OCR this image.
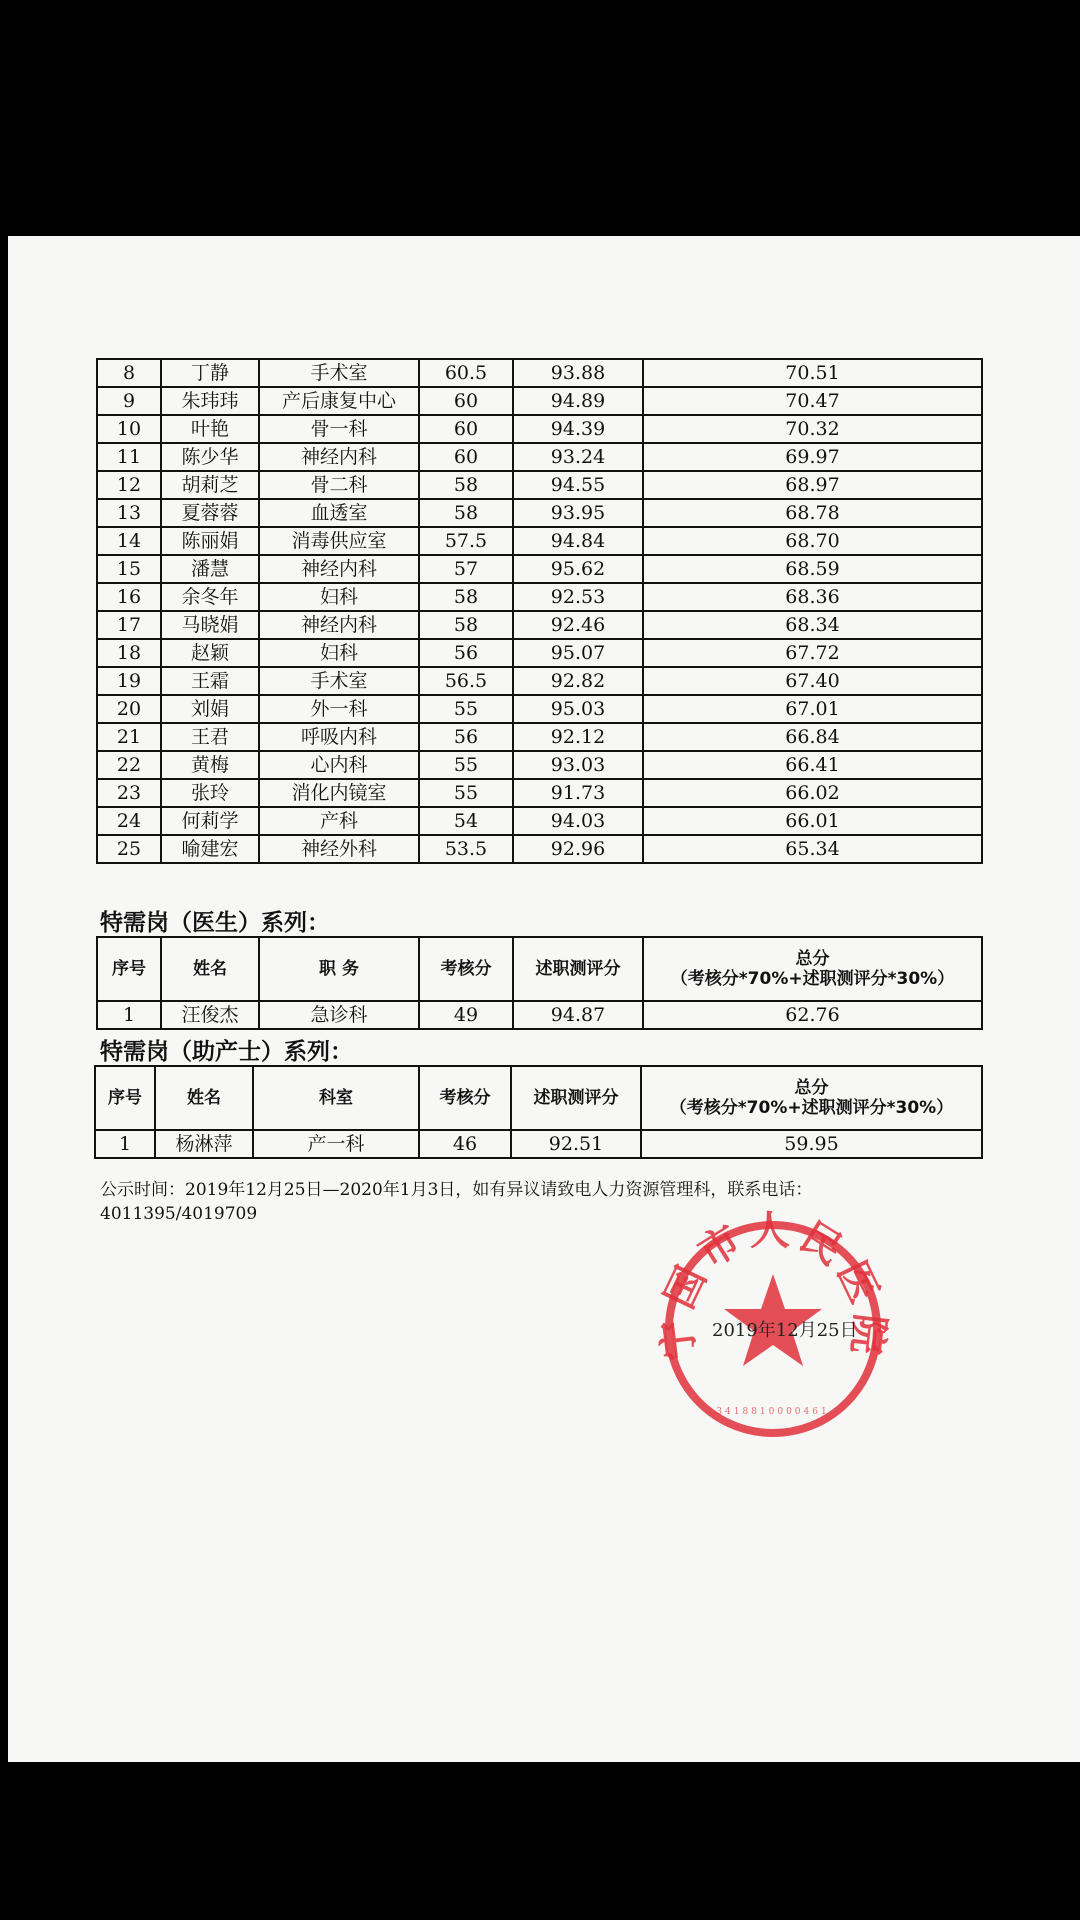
8	丁静	手术室	60.5	93.88	70.51
9	朱玮玮	产后康复中心	60	94.89	70.47
10	叶艳	骨一科	60	94.39	70.32
11	陈少华	神经内科	60	93.24	69.97
12	胡莉芝	骨二科	58	94.55	68.97
13	夏蓉蓉	血透室	58	93.95	68.78
14	陈丽娟	消毒供应室	57.5	94.84	68.70
15	潘慧	神经内科	57	95.62	68.59
16	余冬年	妇科	58	92.53	68.36
17	马晓娟	神经内科	58	92.46	68.34
18	赵颖	妇科	56	95.07	67.72
19	王霜	手术室	56.5	92.82	67.40
20	刘娟	外一科	55	95.03	67.01
21	王君	呼吸内科	56	92.12	66.84
22	黄梅	心内科	55	93.03	66.41
23	张玲	消化内镜室	55	91.73	66.02
24	何莉学	产科	54	94.03	66.01
25	喻建宏	神经外科	53.5	92.96	65.34
特需岗（医生）系列：
序号	姓名	职 务	考核分	述职测评分	总分
（考核分*70%+述职测评分*30%）

1	汪俊杰	急诊科	49	94.87	62.76
特需岗（助产士）系列：
序号	姓名	科室	考核分	述职测评分	总分
（考核分*70%+述职测评分*30%）

1	杨淋萍	产一科	46	92.51	59.95
公示时间：2019年12月25日—2020年1月3日，如有异议请致电人力资源管理科，联系电话：
4011395/4019709
宁国市人民医院
3418810000461
2019年12月25日
